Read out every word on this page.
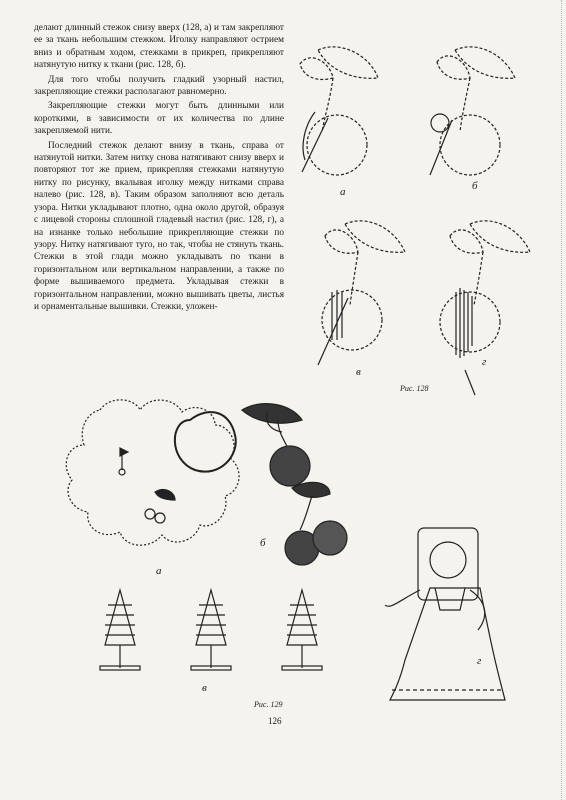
делают длинный стежок снизу вверх (128, а) и там закрепляют ее за ткань небольшим стежком. Иголку направляют острием вниз и обратным ходом, стежками в прикреп, прикрепляют натянутую нитку к ткани (рис. 128, б).

Для того чтобы получить гладкий узорный настил, закрепляющие стежки располагают равномерно.

Закрепляющие стежки могут быть длинными или короткими, в зависимости от их количества по длине закрепляемой нити.

Последний стежок делают внизу в ткань, справа от натянутой нитки. Затем нитку снова натягивают снизу вверх и повторяют тот же прием, прикрепляя стежками натянутую нитку по рисунку, вкалывая иголку между нитками справа налево (рис. 128, в). Таким образом заполняют всю деталь узора. Нитки укладывают плотно, одна около другой, образуя с лицевой стороны сплошной гладевый настил (рис. 128, г), а на изнанке только небольшие прикрепляющие стежки по узору. Нитку натягивают туго, но так, чтобы не стянуть ткань. Стежки в этой глади можно укладывать по ткани в горизонтальном или вертикальном направлении, а также по форме вышиваемого предмета. Укладывая стежки в горизонтальном направлении, можно вышивать цветы, листья и орнаментальные вышивки. Стежки, уложен-

а	б
в
г
Рис. 128
а
б
в
г
Рис. 129
126
